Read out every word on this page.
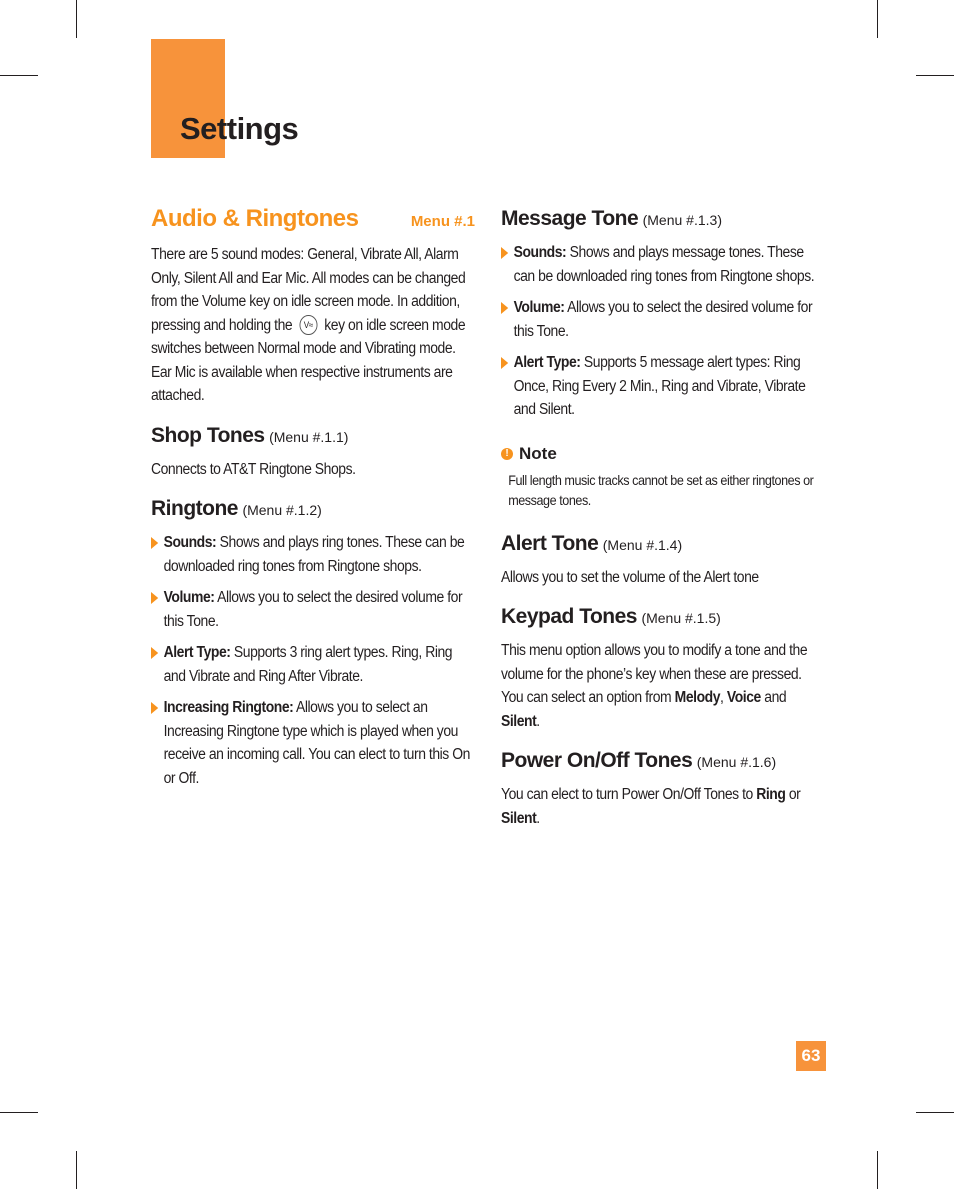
Settings
Audio & Ringtones	Menu #.1
There are 5 sound modes: General, Vibrate All, Alarm Only, Silent All and Ear Mic. All modes can be changed from the Volume key on idle screen mode. In addition, pressing and holding the V≈ key on idle screen mode switches between Normal mode and Vibrating mode. Ear Mic is available when respective instruments are attached.
Shop Tones (Menu #.1.1)

Connects to AT&T Ringtone Shops.

Ringtone (Menu #.1.2)
Sounds: Shows and plays ring tones. These can be downloaded ring tones from Ringtone shops.
Volume: Allows you to select the desired volume for this Tone.
Alert Type: Supports 3 ring alert types. Ring, Ring and Vibrate and Ring After Vibrate.
Increasing Ringtone: Allows you to select an Increasing Ringtone type which is played when you receive an incoming call. You can elect to turn this On or Off.
Message Tone (Menu #.1.3)
Sounds: Shows and plays message tones. These can be downloaded ring tones from Ringtone shops.
Volume: Allows you to select the desired volume for this Tone.
Alert Type: Supports 5 message alert types: Ring Once, Ring Every 2 Min., Ring and Vibrate, Vibrate and Silent.
! Note

Full length music tracks cannot be set as either ringtones or message tones.

Alert Tone (Menu #.1.4)

Allows you to set the volume of the Alert tone

Keypad Tones (Menu #.1.5)

This menu option allows you to modify a tone and the volume for the phone’s key when these are pressed. You can select an option from Melody, Voice and Silent.

Power On/Off Tones (Menu #.1.6)

You can elect to turn Power On/Off Tones to Ring or Silent.

63
